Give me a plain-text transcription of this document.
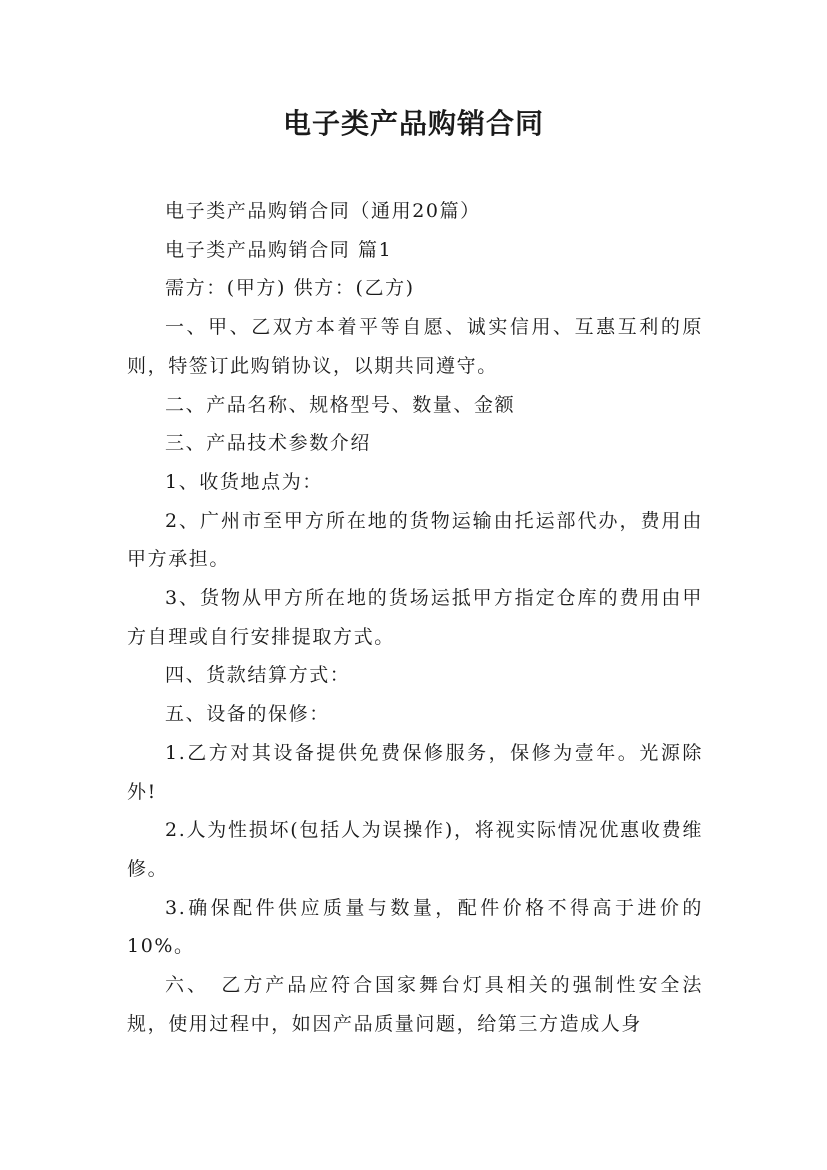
电子类产品购销合同

电子类产品购销合同（通用20篇）

电子类产品购销合同 篇1

需方：(甲方) 供方：(乙方)

一、甲、乙双方本着平等自愿、诚实信用、互惠互利的原则，特签订此购销协议，以期共同遵守。

二、产品名称、规格型号、数量、金额

三、产品技术参数介绍

1、收货地点为：

2、广州市至甲方所在地的货物运输由托运部代办，费用由甲方承担。

3、货物从甲方所在地的货场运抵甲方指定仓库的费用由甲方自理或自行安排提取方式。

四、货款结算方式：

五、设备的保修：

1.乙方对其设备提供免费保修服务，保修为壹年。光源除外!

2.人为性损坏(包括人为误操作)，将视实际情况优惠收费维修。

3.确保配件供应质量与数量，配件价格不得高于进价的10%。

六、　乙方产品应符合国家舞台灯具相关的强制性安全法规，使用过程中，如因产品质量问题，给第三方造成人身
